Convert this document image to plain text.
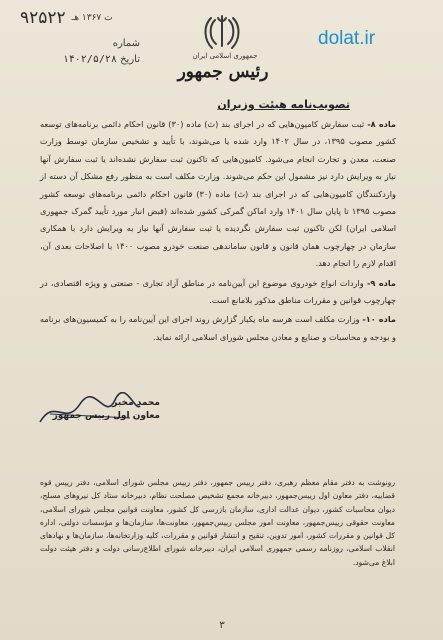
۹۲۵۲۲ ت ۱۳۶۷ هـ
جمهوری اسلامی ایران
رئیس جمهور
شماره
تاریخ ۱۴۰۲/۵/۲۸
dolat.ir
تصویب‌نامه هیئت وزیران

ماده ۸- ثبت سفارش کامیون‌هایی که در اجرای بند (ث) ماده (۳۰) قانون احکام دائمی برنامه‌های توسعه کشور مصوب ۱۳۹۵، در سال ۱۴۰۲ وارد شده یا می‌شوند، با تأیید و تشخیص سازمان توسط وزارت صنعت، معدن و تجارت انجام می‌شود. کامیون‌هایی که تاکنون ثبت سفارش نشده‌اند یا ثبت سفارش آنها نیاز به ویرایش دارد نیز مشمول این حکم می‌شوند. وزارت مکلف است به منظور رفع مشکل آن دسته از واردکنندگان کامیون‌هایی که در اجرای بند (ث) ماده (۳۰) قانون احکام دائمی برنامه‌های توسعه کشور مصوب ۱۳۹۵ تا پایان سال ۱۴۰۱ وارد اماکن گمرکی کشور شده‌اند (قبض انبار مورد تأیید گمرک جمهوری اسلامی ایران) لکن تاکنون ثبت سفارش نگردیده یا ثبت سفارش آنها نیاز به ویرایش دارد با همکاری سازمان در چهارچوب همان قانون و قانون ساماندهی صنعت خودرو مصوب ۱۴۰۰ با اصلاحات بعدی آن، اقدام لازم را انجام دهد.

ماده ۹- واردات انواع خودروی موضوع این آیین‌نامه در مناطق آزاد تجاری - صنعتی و ویژه اقتصادی، در چهارچوب قوانین و مقررات مناطق مذکور بلامانع است.

ماده ۱۰- وزارت مکلف است هرسه ماه یکبار گزارش روند اجرای این آیین‌نامه را به کمیسیون‌های برنامه و بودجه و محاسبات و صنایع و معادن مجلس شورای اسلامی ارائه نماید.

محمد مخبر
معاون اول رییس جمهور
رونوشت به دفتر مقام معظم رهبری، دفتر رییس جمهور، دفتر رییس مجلس شورای اسلامی، دفتر رییس قوه قضاییه، دفتر معاون اول رییس‌جمهور، دبیرخانه مجمع تشخیص مصلحت نظام، دبیرخانه ستاد کل نیروهای مسلح، دیوان محاسبات کشور، دیوان عدالت اداری، سازمان بازرسی کل کشور، معاونت قوانین مجلس شورای اسلامی، معاونت حقوقی رییس‌جمهور، معاونت امور مجلس رییس‌جمهور، معاونت‌ها، سازمان‌ها و مؤسسات دولتی، اداره کل قوانین و مقررات کشور، امور تدوین، تنقیح و انتشار قوانین و مقررات، کلیه وزارتخانه‌ها، سازمان‌ها و نهادهای انقلاب اسلامی، روزنامه رسمی جمهوری اسلامی ایران، دبیرخانه شورای اطلاع‌رسانی دولت و دفتر هیئت دولت ابلاغ می‌شود.
۳
